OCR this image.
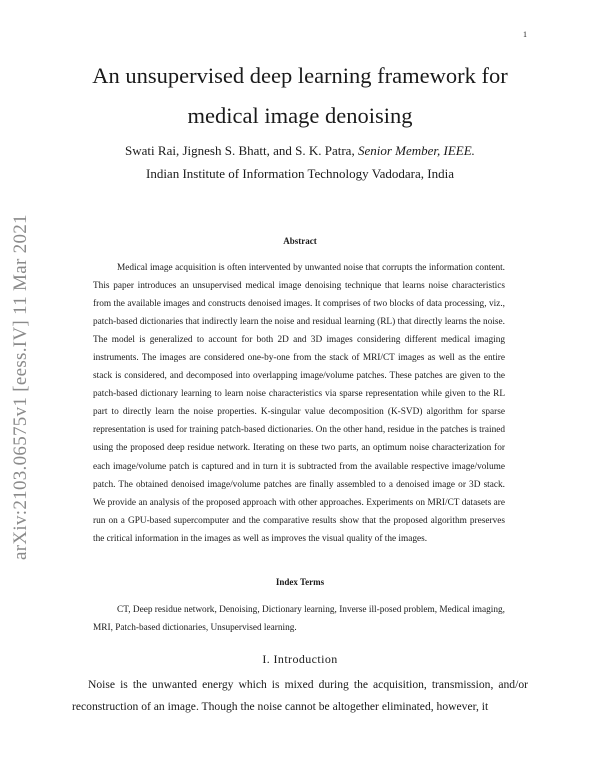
1
arXiv:2103.06575v1 [eess.IV] 11 Mar 2021
An unsupervised deep learning framework for medical image denoising
Swati Rai, Jignesh S. Bhatt, and S. K. Patra, Senior Member, IEEE.
Indian Institute of Information Technology Vadodara, India
Abstract

Medical image acquisition is often intervented by unwanted noise that corrupts the information content. This paper introduces an unsupervised medical image denoising technique that learns noise characteristics from the available images and constructs denoised images. It comprises of two blocks of data processing, viz., patch-based dictionaries that indirectly learn the noise and residual learning (RL) that directly learns the noise. The model is generalized to account for both 2D and 3D images considering different medical imaging instruments. The images are considered one-by-one from the stack of MRI/CT images as well as the entire stack is considered, and decomposed into overlapping image/volume patches. These patches are given to the patch-based dictionary learning to learn noise characteristics via sparse representation while given to the RL part to directly learn the noise properties. K-singular value decomposition (K-SVD) algorithm for sparse representation is used for training patch-based dictionaries. On the other hand, residue in the patches is trained using the proposed deep residue network. Iterating on these two parts, an optimum noise characterization for each image/volume patch is captured and in turn it is subtracted from the available respective image/volume patch. The obtained denoised image/volume patches are finally assembled to a denoised image or 3D stack. We provide an analysis of the proposed approach with other approaches. Experiments on MRI/CT datasets are run on a GPU-based supercomputer and the comparative results show that the proposed algorithm preserves the critical information in the images as well as improves the visual quality of the images.

Index Terms

CT, Deep residue network, Denoising, Dictionary learning, Inverse ill-posed problem, Medical imaging, MRI, Patch-based dictionaries, Unsupervised learning.

I. Introduction

Noise is the unwanted energy which is mixed during the acquisition, transmission, and/or reconstruction of an image. Though the noise cannot be altogether eliminated, however, it
